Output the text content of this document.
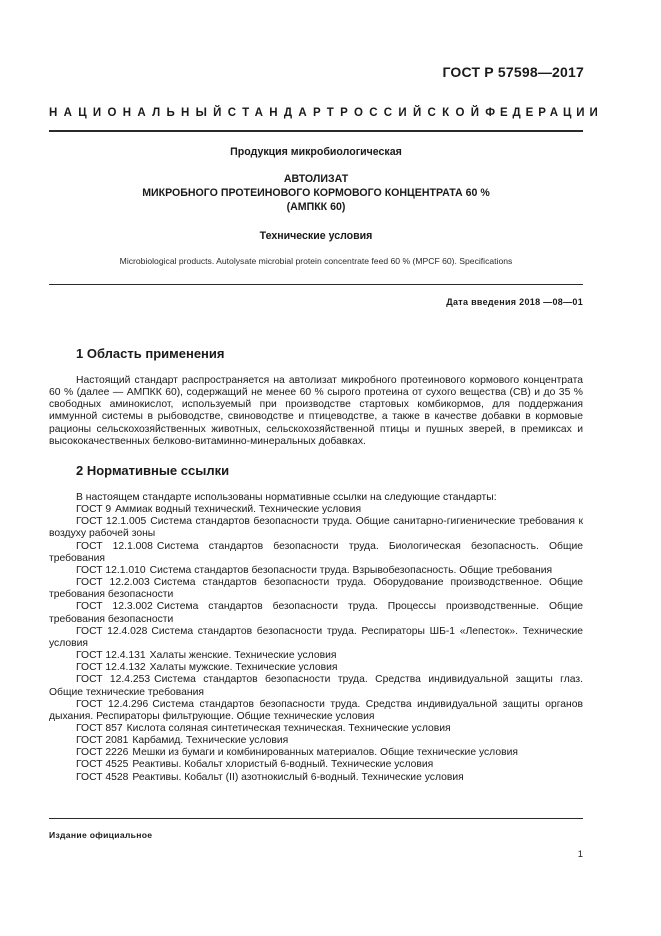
ГОСТ Р 57598—2017
НАЦИОНАЛЬНЫЙ СТАНДАРТ РОССИЙСКОЙ ФЕДЕРАЦИИ
Продукция микробиологическая
АВТОЛИЗАТ
МИКРОБНОГО ПРОТЕИНОВОГО КОРМОВОГО КОНЦЕНТРАТА 60 %
(АМПКК 60)
Технические условия
Microbiological products. Autolysate microbial protein concentrate feed 60 % (MPCF 60). Specifications
Дата введения 2018 —08—01
1 Область применения

Настоящий стандарт распространяется на автолизат микробного протеинового кормового концентрата 60 % (далее — АМПКК 60), содержащий не менее 60 % сырого протеина от сухого вещества (СВ) и до 35 % свободных аминокислот, используемый при производстве стартовых комбикормов, для поддержания иммунной системы в рыбоводстве, свиноводстве и птицеводстве, а также в качестве добавки в кормовые рационы сельскохозяйственных животных, сельскохозяйственной птицы и пушных зверей, в премиксах и высококачественных белково-витаминно-минеральных добавках.

2 Нормативные ссылки

В настоящем стандарте использованы нормативные ссылки на следующие стандарты:

ГОСТ 9 Аммиак водный технический. Технические условия

ГОСТ 12.1.005 Система стандартов безопасности труда. Общие санитарно-гигиенические требования к воздуху рабочей зоны

ГОСТ 12.1.008 Система стандартов безопасности труда. Биологическая безопасность. Общие требования

ГОСТ 12.1.010 Система стандартов безопасности труда. Взрывобезопасность. Общие требования

ГОСТ 12.2.003 Система стандартов безопасности труда. Оборудование производственное. Общие требования безопасности

ГОСТ 12.3.002 Система стандартов безопасности труда. Процессы производственные. Общие требования безопасности

ГОСТ 12.4.028 Система стандартов безопасности труда. Респираторы ШБ-1 «Лепесток». Технические условия

ГОСТ 12.4.131 Халаты женские. Технические условия

ГОСТ 12.4.132 Халаты мужские. Технические условия

ГОСТ 12.4.253 Система стандартов безопасности труда. Средства индивидуальной защиты глаз. Общие технические требования

ГОСТ 12.4.296 Система стандартов безопасности труда. Средства индивидуальной защиты органов дыхания. Респираторы фильтрующие. Общие технические условия

ГОСТ 857 Кислота соляная синтетическая техническая. Технические условия

ГОСТ 2081 Карбамид. Технические условия

ГОСТ 2226 Мешки из бумаги и комбинированных материалов. Общие технические условия

ГОСТ 4525 Реактивы. Кобальт хлористый 6-водный. Технические условия

ГОСТ 4528 Реактивы. Кобальт (II) азотнокислый 6-водный. Технические условия

Издание официальное
1
